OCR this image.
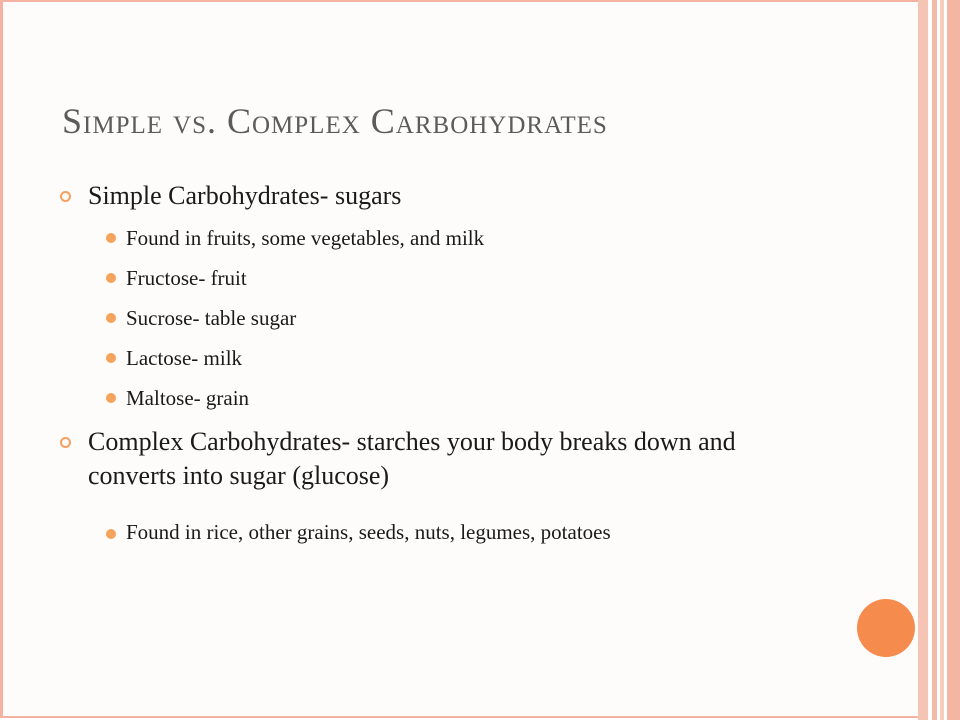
Simple vs. Complex Carbohydrates
Simple Carbohydrates- sugars
Found in fruits, some vegetables, and milk
Fructose- fruit
Sucrose- table sugar
Lactose- milk
Maltose- grain
Complex Carbohydrates- starches your body breaks down and converts into sugar (glucose)
Found in rice, other grains, seeds, nuts, legumes, potatoes
